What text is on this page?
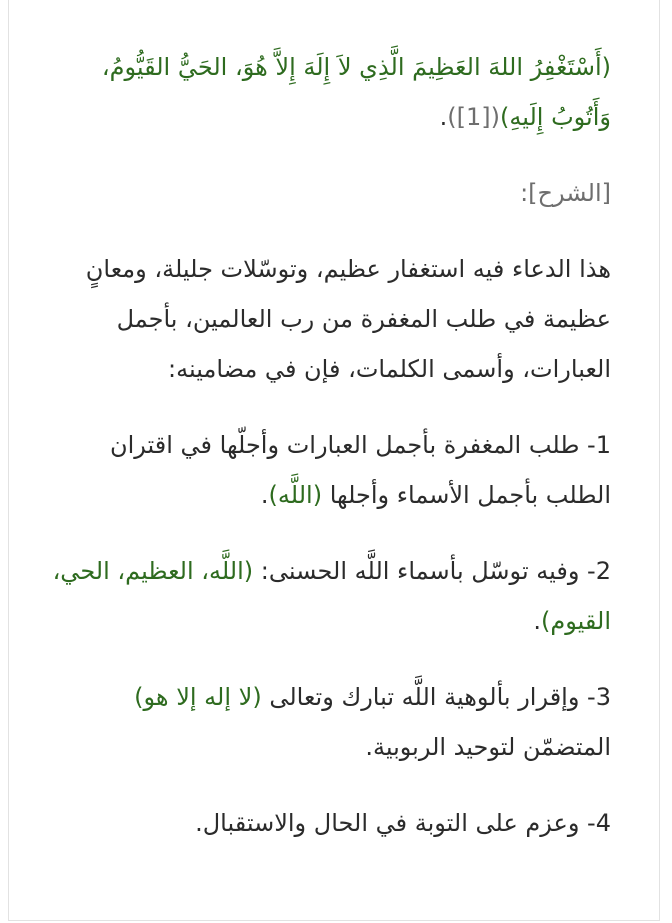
(أَسْتَغْفِرُ اللهَ العَظِيمَ الَّذِي لاَ إِلَهَ إِلاَّ هُوَ، الحَيُّ القَيُّومُ، وَأَتُوبُ إِلَيهِ)([1]).

[الشرح]:

هذا الدعاء فيه استغفار عظيم، وتوسّلات جليلة، ومعانٍ عظيمة في طلب المغفرة من رب العالمين، بأجمل العبارات، وأسمى الكلمات، فإن في مضامينه:

1- طلب المغفرة بأجمل العبارات وأجلّها في اقتران الطلب بأجمل الأسماء وأجلها (اللَّه).

2- وفيه توسّل بأسماء اللَّه الحسنى: (اللَّه، العظيم، الحي، القيوم).

3- وإقرار بألوهية اللَّه تبارك وتعالى (لا إله إلا هو) المتضمّن لتوحيد الربوبية.

4- وعزم على التوبة في الحال والاستقبال.
